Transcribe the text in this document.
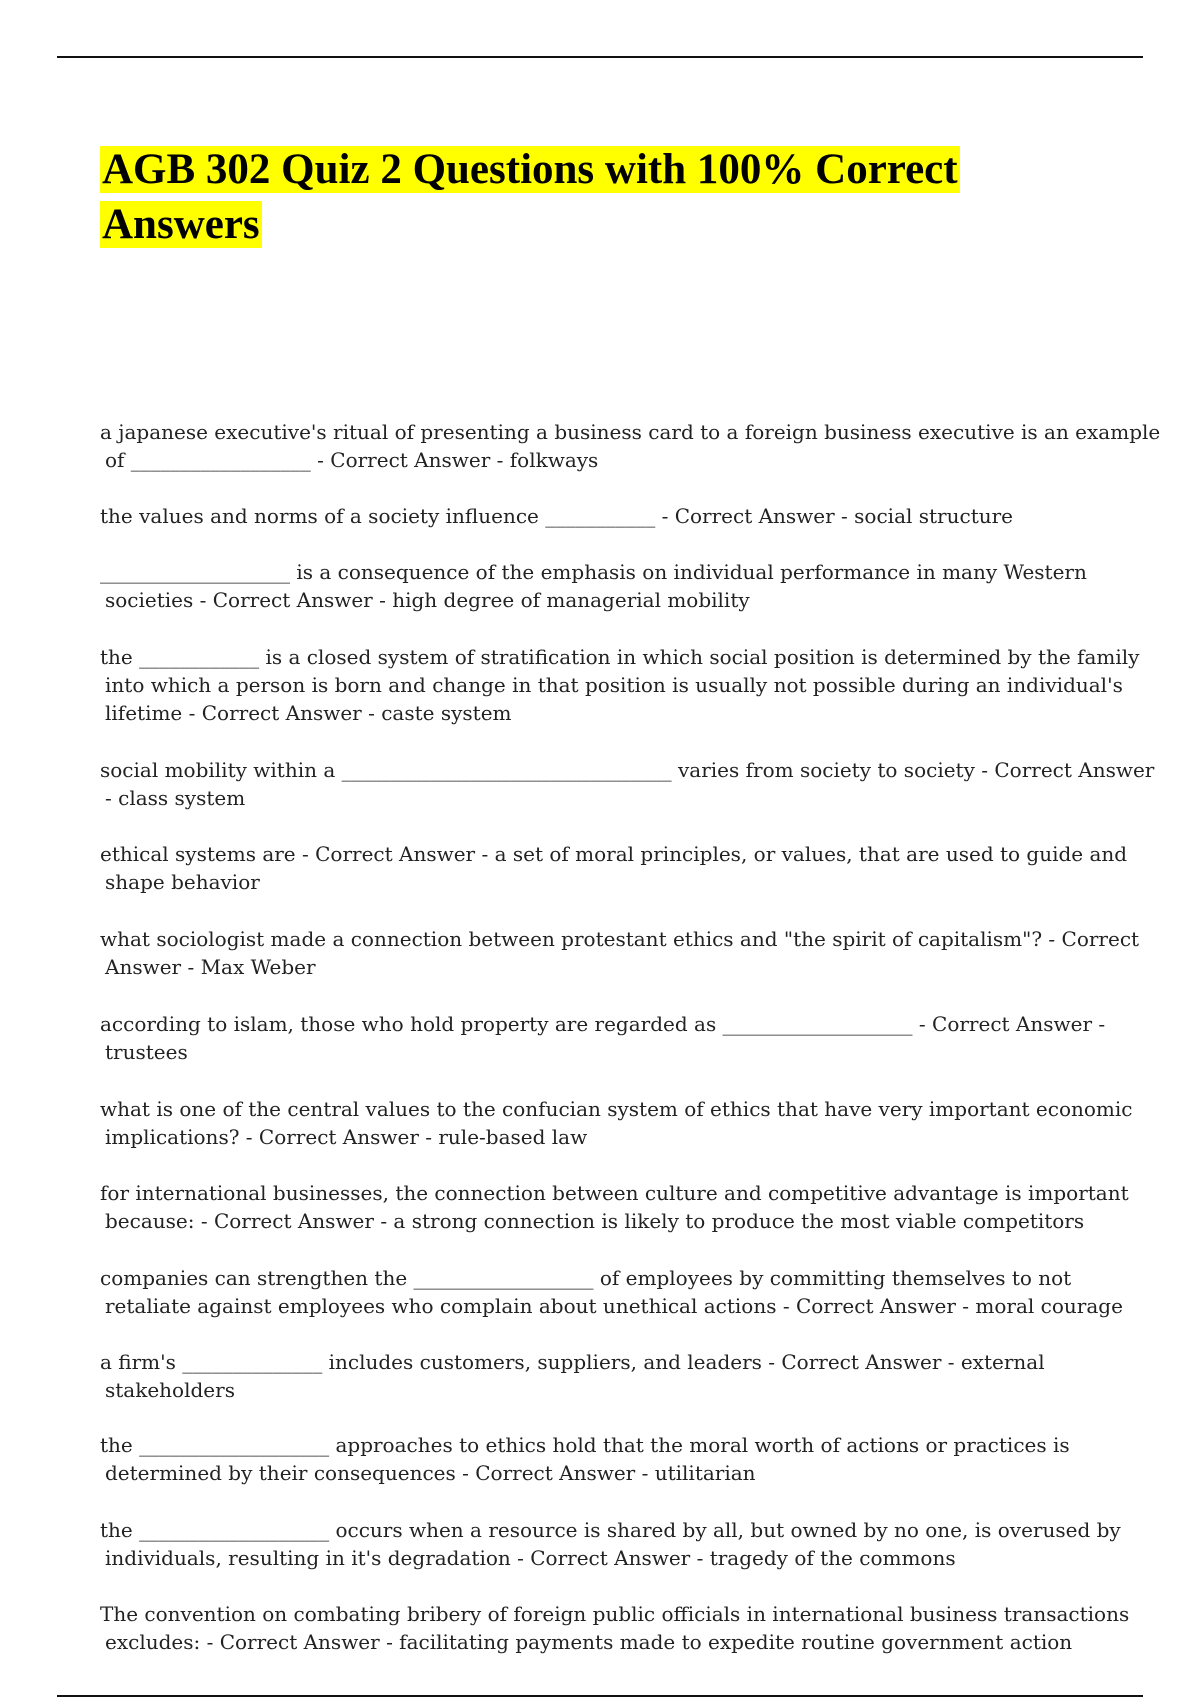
AGB 302 Quiz 2 Questions with 100% Correct Answers

a japanese executive's ritual of presenting a business card to a foreign business executive is an example of __________________ - Correct Answer - folkways

the values and norms of a society influence ___________ - Correct Answer - social structure

___________________ is a consequence of the emphasis on individual performance in many Western societies - Correct Answer - high degree of managerial mobility

the ____________ is a closed system of stratification in which social position is determined by the family into which a person is born and change in that position is usually not possible during an individual's lifetime - Correct Answer - caste system

social mobility within a _________________________________ varies from society to society - Correct Answer - class system

ethical systems are - Correct Answer - a set of moral principles, or values, that are used to guide and shape behavior

what sociologist made a connection between protestant ethics and "the spirit of capitalism"? - Correct Answer - Max Weber

according to islam, those who hold property are regarded as ___________________ - Correct Answer - trustees

what is one of the central values to the confucian system of ethics that have very important economic implications? - Correct Answer - rule-based law

for international businesses, the connection between culture and competitive advantage is important because: - Correct Answer - a strong connection is likely to produce the most viable competitors

companies can strengthen the __________________ of employees by committing themselves to not retaliate against employees who complain about unethical actions - Correct Answer - moral courage

a firm's ______________ includes customers, suppliers, and leaders - Correct Answer - external stakeholders

the ___________________ approaches to ethics hold that the moral worth of actions or practices is determined by their consequences - Correct Answer - utilitarian

the ___________________ occurs when a resource is shared by all, but owned by no one, is overused by individuals, resulting in it's degradation - Correct Answer - tragedy of the commons

The convention on combating bribery of foreign public officials in international business transactions excludes: - Correct Answer - facilitating payments made to expedite routine government action
